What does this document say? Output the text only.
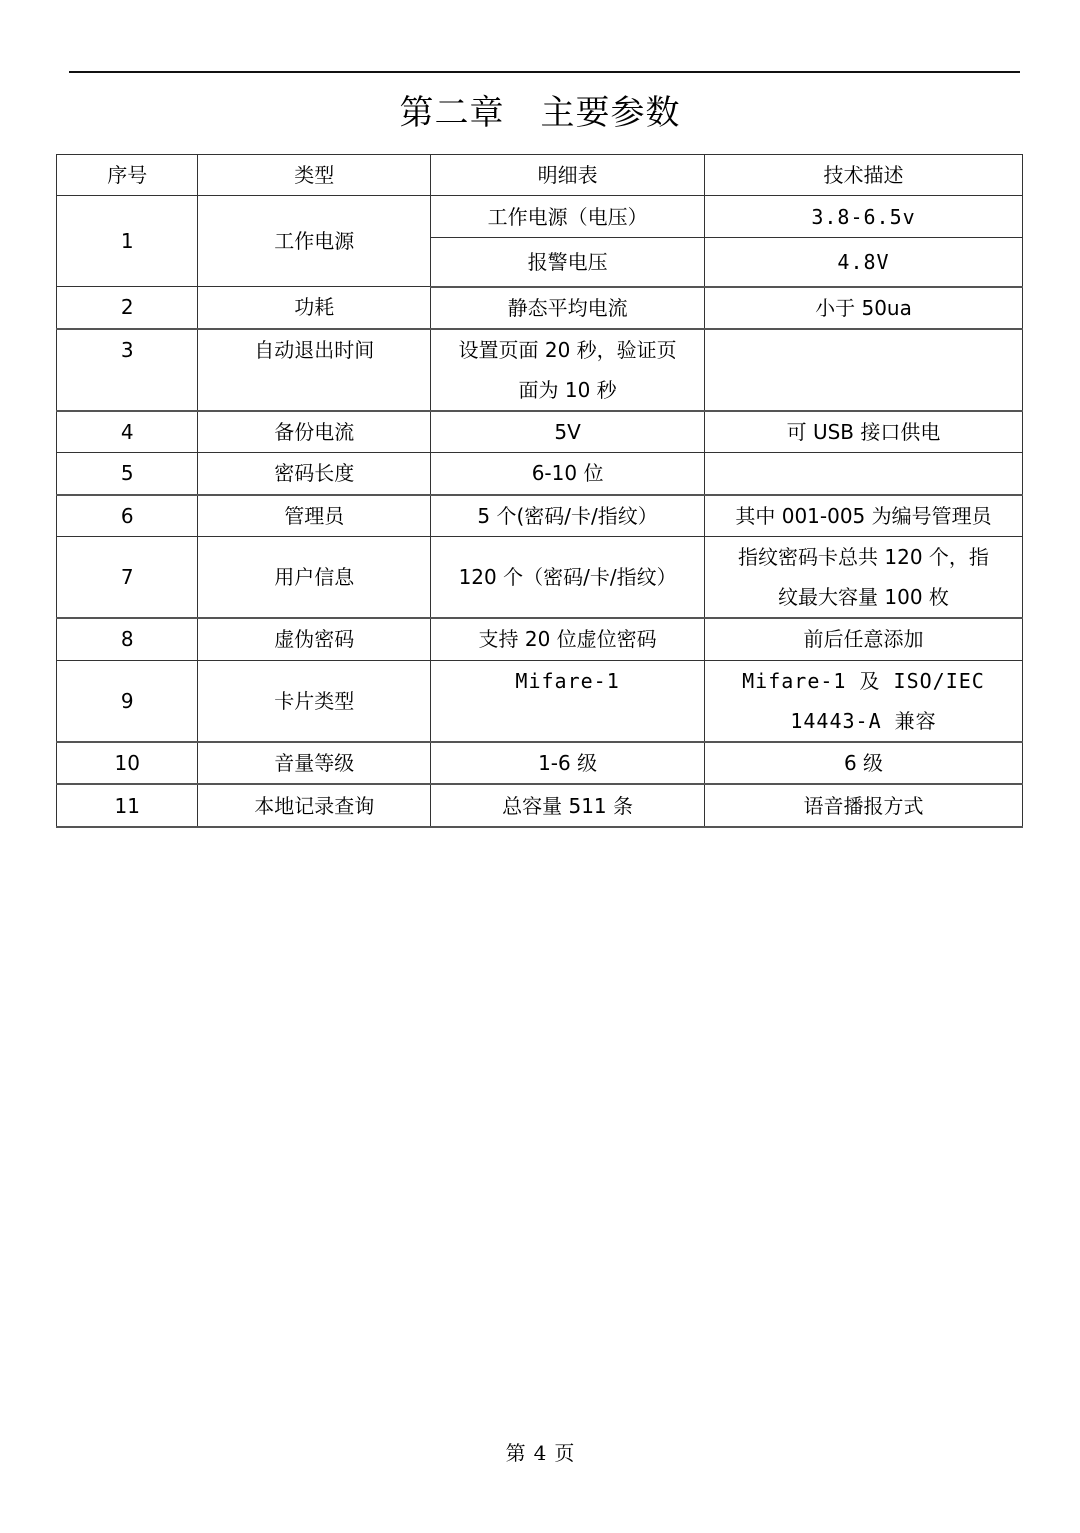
第二章 主要参数
序号	类型	明细表	技术描述
1	工作电源	工作电源（电压）	3.8-6.5v
		报警电压	4.8V
2	功耗	静态平均电流	小于 50ua
3	自动退出时间	设置页面 20 秒，验证页
面为 10 秒	

4	备份电流	5V	可 USB 接口供电
5	密码长度	6-10 位	
6	管理员	5 个(密码/卡/指纹）	其中 001-005 为编号管理员
7	用户信息	120 个（密码/卡/指纹）	指纹密码卡总共 120 个，指
纹最大容量 100 枚

8	虚伪密码	支持 20 位虚位密码	前后任意添加
9	卡片类型	Mifare-1	Mifare-1 及 ISO/IEC
14443-A 兼容

10	音量等级	1-6 级	6 级
11	本地记录查询	总容量 511 条	语音播报方式
第 4 页
